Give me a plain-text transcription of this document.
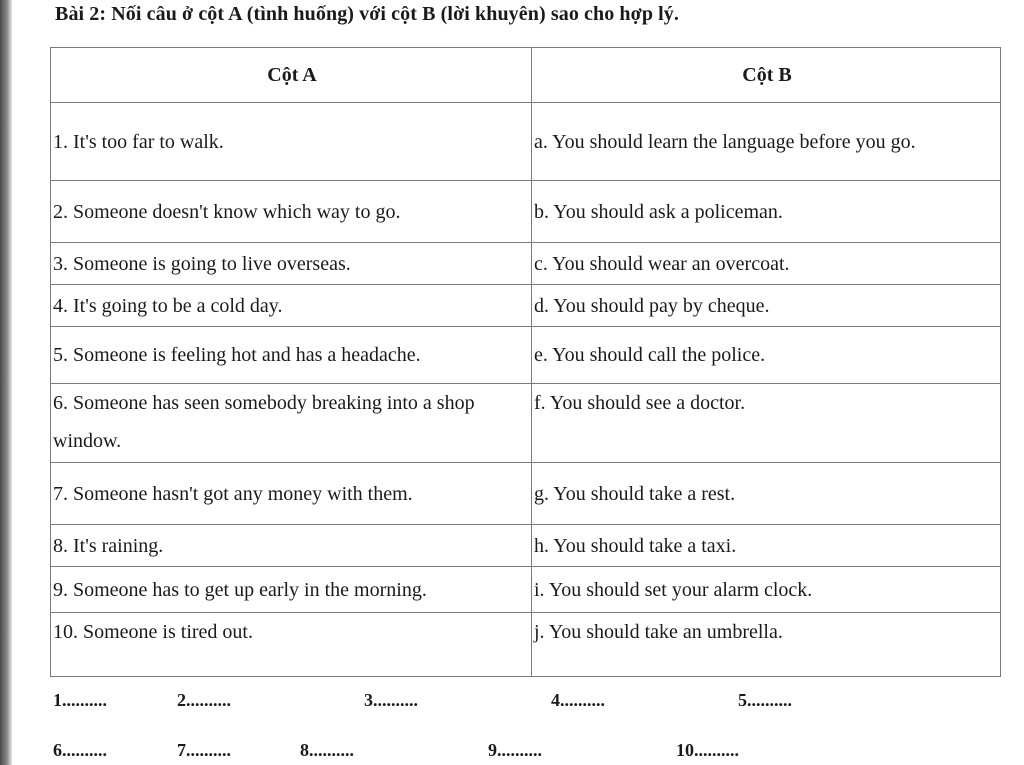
Bài 2: Nối câu ở cột A (tình huống) với cột B (lời khuyên) sao cho hợp lý.
Cột A	Cột B
1. It's too far to walk.	a. You should learn the language before you go.
2. Someone doesn't know which way to go.	b. You should ask a policeman.
3. Someone is going to live overseas.	c. You should wear an overcoat.
4. It's going to be a cold day.	d. You should pay by cheque.
5. Someone is feeling hot and has a headache.	e. You should call the police.
6. Someone has seen somebody breaking into a shop window.	f. You should see a doctor.
7. Someone hasn't got any money with them.	g. You should take a rest.
8. It's raining.	h. You should take a taxi.
9. Someone has to get up early in the morning.	i. You should set your alarm clock.
10. Someone is tired out.	j. You should take an umbrella.
1..........	2..........	3..........	4..........	5..........
6..........	7..........	8..........	9..........	10..........
